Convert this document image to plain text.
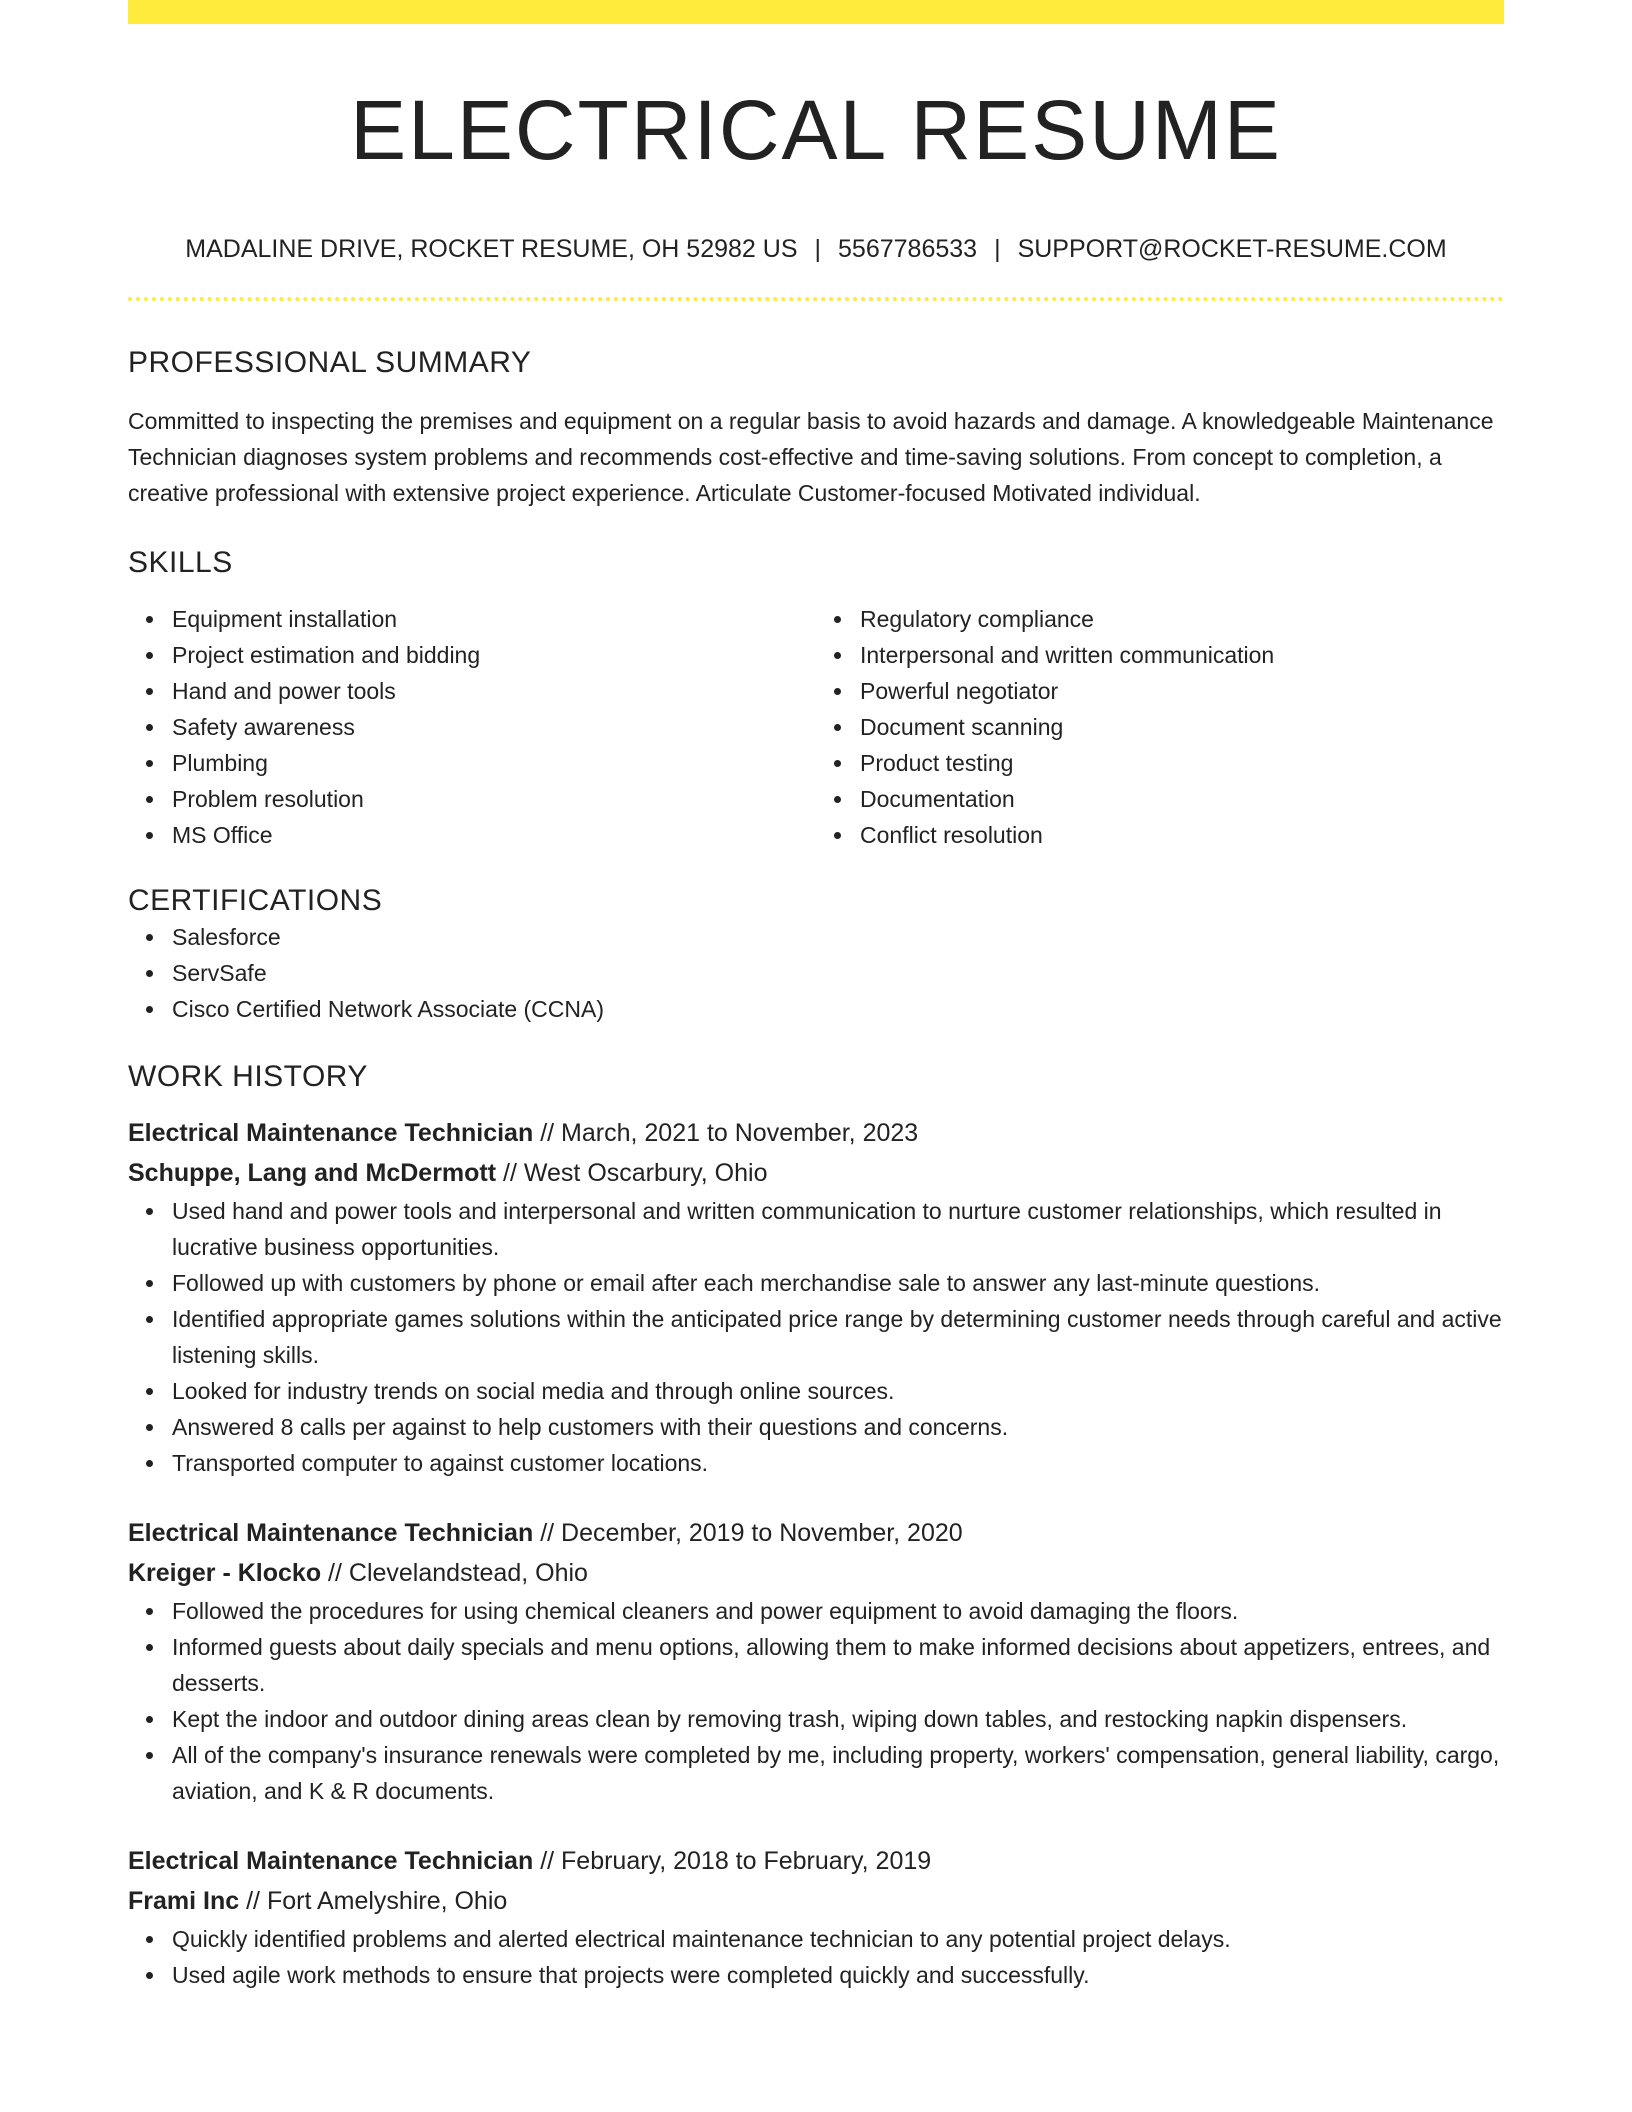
ELECTRICAL RESUME
MADALINE DRIVE, ROCKET RESUME, OH 52982 US | 5567786533 | SUPPORT@ROCKET-RESUME.COM
PROFESSIONAL SUMMARY
Committed to inspecting the premises and equipment on a regular basis to avoid hazards and damage. A knowledgeable Maintenance Technician diagnoses system problems and recommends cost-effective and time-saving solutions. From concept to completion, a creative professional with extensive project experience. Articulate Customer-focused Motivated individual.
SKILLS
Equipment installation
Project estimation and bidding
Hand and power tools
Safety awareness
Plumbing
Problem resolution
MS Office
Regulatory compliance
Interpersonal and written communication
Powerful negotiator
Document scanning
Product testing
Documentation
Conflict resolution
CERTIFICATIONS
Salesforce
ServSafe
Cisco Certified Network Associate (CCNA)
WORK HISTORY
Electrical Maintenance Technician // March, 2021 to November, 2023
Schuppe, Lang and McDermott // West Oscarbury, Ohio
Used hand and power tools and interpersonal and written communication to nurture customer relationships, which resulted in lucrative business opportunities.
Followed up with customers by phone or email after each merchandise sale to answer any last-minute questions.
Identified appropriate games solutions within the anticipated price range by determining customer needs through careful and active listening skills.
Looked for industry trends on social media and through online sources.
Answered 8 calls per against to help customers with their questions and concerns.
Transported computer to against customer locations.
Electrical Maintenance Technician // December, 2019 to November, 2020
Kreiger - Klocko // Clevelandstead, Ohio
Followed the procedures for using chemical cleaners and power equipment to avoid damaging the floors.
Informed guests about daily specials and menu options, allowing them to make informed decisions about appetizers, entrees, and desserts.
Kept the indoor and outdoor dining areas clean by removing trash, wiping down tables, and restocking napkin dispensers.
All of the company's insurance renewals were completed by me, including property, workers' compensation, general liability, cargo, aviation, and K & R documents.
Electrical Maintenance Technician // February, 2018 to February, 2019
Frami Inc // Fort Amelyshire, Ohio
Quickly identified problems and alerted electrical maintenance technician to any potential project delays.
Used agile work methods to ensure that projects were completed quickly and successfully.
